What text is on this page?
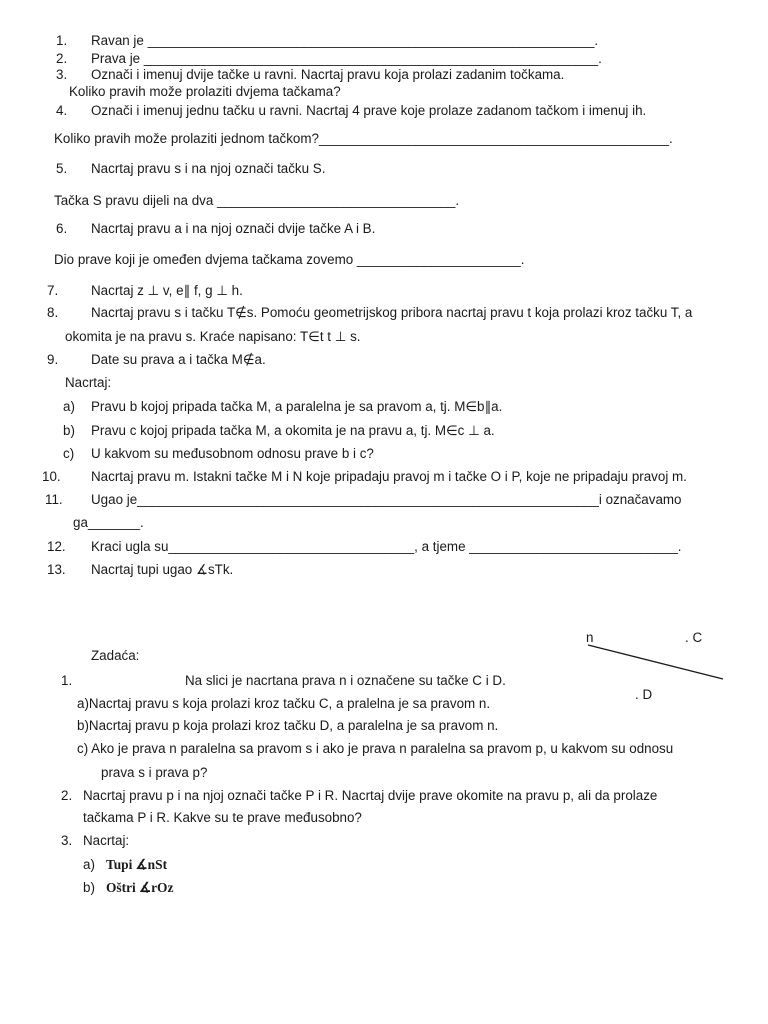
1. Ravan je ____________________________________________________________.
2. Prava je _____________________________________________________________.
3. Označi i imenuj dvije tačke u ravni. Nacrtaj pravu koja prolazi zadanim točkama.
Koliko pravih može prolaziti dvjema tačkama?
4. Označi i imenuj jednu tačku u ravni. Nacrtaj 4 prave koje prolaze zadanom tačkom i imenuj ih.
Koliko pravih može prolaziti jednom tačkom?_______________________________________________.
5. Nacrtaj pravu s i na njoj označi tačku S.
Tačka S pravu dijeli na dva ________________________________.
6. Nacrtaj pravu a i na njoj označi dvije tačke A i B.
Dio prave koji je omeđen dvjema tačkama zovemo ______________________.
7. Nacrtaj z ⊥ v, e∥ f, g ⊥ h.
8. Nacrtaj pravu s i tačku T∉s. Pomoću geometrijskog pribora nacrtaj pravu t koja prolazi kroz tačku T, a
okomita je na pravu s. Kraće napisano: T∈t t ⊥ s.
9. Date su prava a i tačka M∉a.
Nacrtaj:
a) Pravu b kojoj pripada tačka M, a paralelna je sa pravom a, tj. M∈b∥a.
b) Pravu c kojoj pripada tačka M, a okomita je na pravu a, tj. M∈c ⊥ a.
c) U kakvom su međusobnom odnosu prave b i c?
10. Nacrtaj pravu m. Istakni tačke M i N koje pripadaju pravoj m i tačke O i P, koje ne pripadaju pravoj m.
11. Ugao je______________________________________________________________i označavamo
ga_______.
12. Kraci ugla su_________________________________, a tjeme ____________________________.
13. Nacrtaj tupi ugao ∡sTk.
n	. C
. D
Zadaća:
1.	Na slici je nacrtana prava n i označene su tačke C i D.
a)Nacrtaj pravu s koja prolazi kroz tačku C, a pralelna je sa pravom n.
b)Nacrtaj pravu p koja prolazi kroz tačku D, a paralelna je sa pravom n.
c) Ako je prava n paralelna sa pravom s i ako je prava n paralelna sa pravom p, u kakvom su odnosu
prava s i prava p?
2. Nacrtaj pravu p i na njoj označi tačke P i R. Nacrtaj dvije prave okomite na pravu p, ali da prolaze
tačkama P i R. Kakve su te prave međusobno?
3. Nacrtaj:
a) Tupi ∡nSt
b) Oštri ∡rOz
